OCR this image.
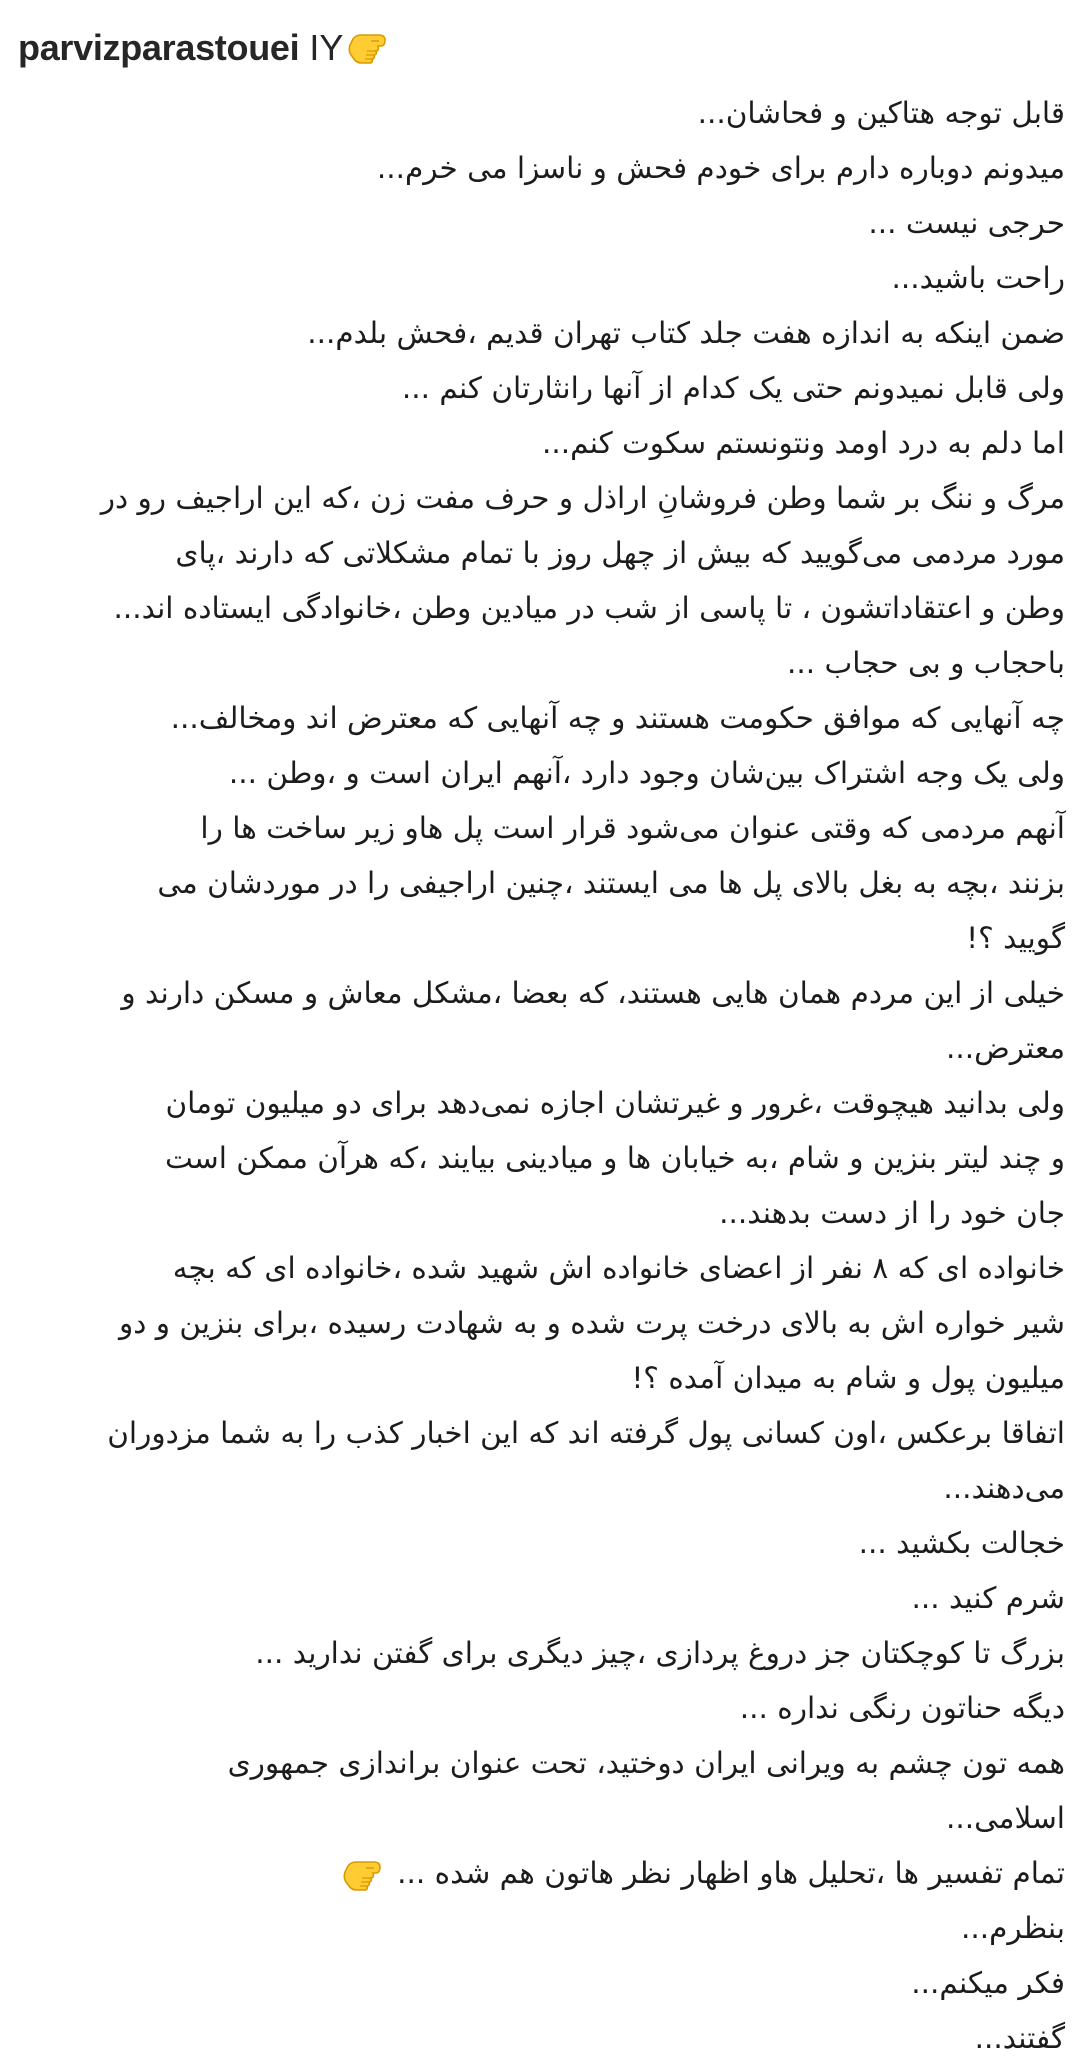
parvizparastouei IY
قابل توجه هتاکین و فحاشان...
میدونم دوباره دارم برای خودم فحش و ناسزا می خرم...
حرجی نیست ...
راحت باشید...
ضمن اینکه به اندازه هفت جلد کتاب تهران قدیم ،فحش بلدم...
ولی قابل نمیدونم حتی یک کدام از آنها رانثارتان کنم ...
اما دلم به درد اومد ونتونستم سکوت کنم...
مرگ و ننگ بر شما وطن فروشانِ اراذل و حرف مفت زن ،که این اراجیف رو در
مورد مردمی می‌گویید که بیش از چهل روز با تمام مشکلاتی که دارند ،پای
وطن و اعتقاداتشون ، تا پاسی از شب در میادین وطن ،خانوادگی ایستاده اند...
باحجاب و بی حجاب ...
چه آنهایی که موافق حکومت هستند و چه آنهایی که معترض اند ومخالف...
ولی یک وجه اشتراک بین‌شان وجود دارد ،آنهم ایران است و ،وطن ...
آنهم مردمی که وقتی عنوان می‌شود قرار است پل هاو زیر ساخت ها را
بزنند ،بچه به بغل بالای پل ها می ایستند ،چنین اراجیفی را در موردشان می
گویید ؟!
خیلی از این مردم همان هایی هستند، که بعضا ،مشکل معاش و مسکن دارند و
معترض...
ولی بدانید هیچوقت ،غرور و غیرتشان اجازه نمی‌دهد برای دو میلیون تومان
و چند لیتر بنزین و شام ،به خیابان ها و میادینی بیایند ،که هرآن ممکن است
جان خود را از دست بدهند...
خانواده ای که ۸ نفر از اعضای خانواده اش شهید شده ،خانواده ای که بچه
شیر خواره اش به بالای درخت پرت شده و به شهادت رسیده ،برای بنزین و دو
میلیون پول و شام به میدان آمده ؟!
اتفاقا برعکس ،اون کسانی پول گرفته اند که این اخبار کذب را به شما مزدوران
می‌دهند...
خجالت بکشید ...
شرم کنید ...
بزرگ تا کوچکتان جز دروغ پردازی ،چیز دیگری برای گفتن ندارید ...
دیگه حناتون رنگی نداره ...
همه تون چشم به ویرانی ایران دوختید، تحت عنوان براندازی جمهوری
اسلامی...
تمام تفسیر ها ،تحلیل هاو اظهار نظر هاتون هم شده ...
بنظرم...
فکر میکنم...
گفتند...
